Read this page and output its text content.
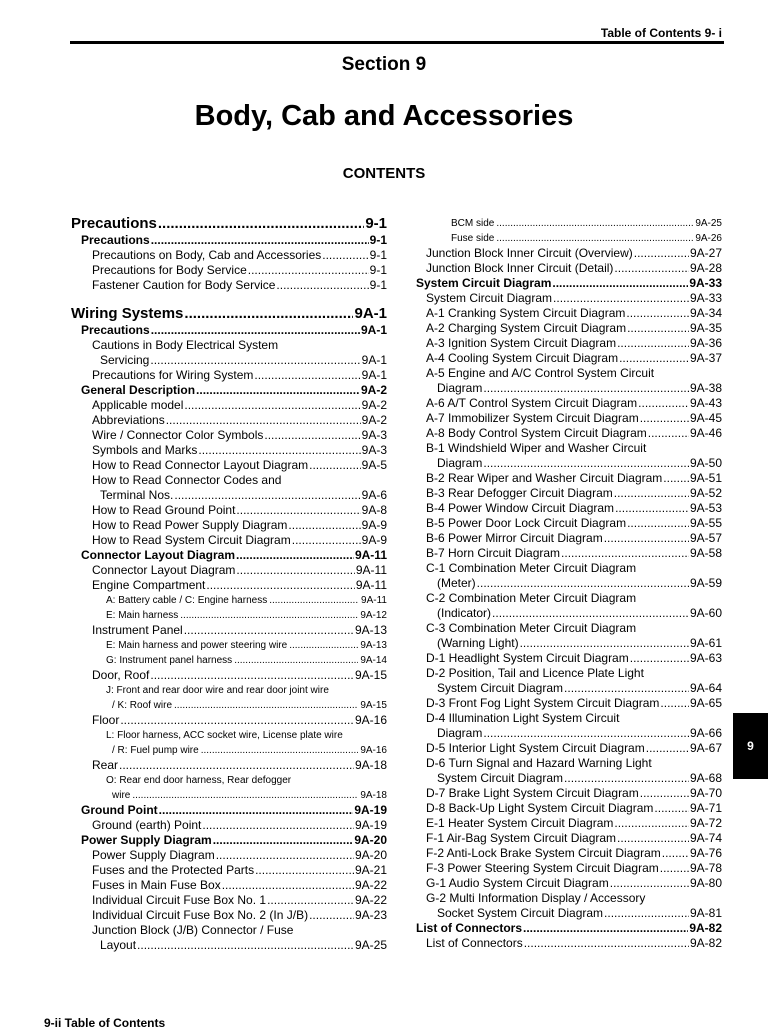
Table of Contents 9- i
Section 9
Body, Cab and Accessories
CONTENTS
Precautions .....	9-1
Precautions .....	9-1
Precautions on Body, Cab and Accessories .....	9-1
Precautions for Body Service .....	9-1
Fastener Caution for Body Service .....	9-1
Wiring Systems .....	9A-1
Precautions .....	9A-1
Cautions in Body Electrical System
Servicing .....	9A-1
Precautions for Wiring System .....	9A-1
General Description .....	9A-2
Applicable model .....	9A-2
Abbreviations .....	9A-2
Wire / Connector Color Symbols .....	9A-3
Symbols and Marks .....	9A-3
How to Read Connector Layout Diagram .....	9A-5
How to Read Connector Codes and
Terminal Nos. .....	9A-6
How to Read Ground Point .....	9A-8
How to Read Power Supply Diagram .....	9A-9
How to Read System Circuit Diagram .....	9A-9
Connector Layout Diagram .....	9A-11
Connector Layout Diagram .....	9A-11
Engine Compartment .....	9A-11
A: Battery cable / C: Engine harness .....	9A-11
E: Main harness .....	9A-12
Instrument Panel .....	9A-13
E: Main harness and power steering wire .....	9A-13
G: Instrument panel harness .....	9A-14
Door, Roof .....	9A-15
J: Front and rear door wire and rear door joint wire
/ K: Roof wire .....	9A-15
Floor .....	9A-16
L: Floor harness, ACC socket wire, License plate wire
/ R: Fuel pump wire .....	9A-16
Rear .....	9A-18
O: Rear end door harness, Rear defogger
wire .....	9A-18
Ground Point .....	9A-19
Ground (earth) Point .....	9A-19
Power Supply Diagram .....	9A-20
Power Supply Diagram .....	9A-20
Fuses and the Protected Parts .....	9A-21
Fuses in Main Fuse Box .....	9A-22
Individual Circuit Fuse Box No. 1 .....	9A-22
Individual Circuit Fuse Box No. 2 (In J/B) .....	9A-23
Junction Block (J/B) Connector / Fuse
Layout .....	9A-25
BCM side .....	9A-25
Fuse side .....	9A-26
Junction Block Inner Circuit (Overview) .....	9A-27
Junction Block Inner Circuit (Detail) .....	9A-28
System Circuit Diagram .....	9A-33
System Circuit Diagram .....	9A-33
A-1 Cranking System Circuit Diagram .....	9A-34
A-2 Charging System Circuit Diagram .....	9A-35
A-3 Ignition System Circuit Diagram .....	9A-36
A-4 Cooling System Circuit Diagram .....	9A-37
A-5 Engine and A/C Control System Circuit
Diagram .....	9A-38
A-6 A/T Control System Circuit Diagram .....	9A-43
A-7 Immobilizer System Circuit Diagram .....	9A-45
A-8 Body Control System Circuit Diagram .....	9A-46
B-1 Windshield Wiper and Washer Circuit
Diagram .....	9A-50
B-2 Rear Wiper and Washer Circuit Diagram ..... 9A-51
B-3 Rear Defogger Circuit Diagram .....	9A-52
B-4 Power Window Circuit Diagram .....	9A-53
B-5 Power Door Lock Circuit Diagram .....	9A-55
B-6 Power Mirror Circuit Diagram .....	9A-57
B-7 Horn Circuit Diagram .....	9A-58
C-1 Combination Meter Circuit Diagram
(Meter) .....	9A-59
C-2 Combination Meter Circuit Diagram
(Indicator) .....	9A-60
C-3 Combination Meter Circuit Diagram
(Warning Light) .....	9A-61
D-1 Headlight System Circuit Diagram .....	9A-63
D-2 Position, Tail and Licence Plate Light
System Circuit Diagram .....	9A-64
D-3 Front Fog Light System Circuit Diagram .....	9A-65
D-4 Illumination Light System Circuit
Diagram .....	9A-66
D-5 Interior Light System Circuit Diagram .....	9A-67
D-6 Turn Signal and Hazard Warning Light
System Circuit Diagram .....	9A-68
D-7 Brake Light System Circuit Diagram .....	9A-70
D-8 Back-Up Light System Circuit Diagram .....	9A-71
E-1 Heater System Circuit Diagram .....	9A-72
F-1 Air-Bag System Circuit Diagram .....	9A-74
F-2 Anti-Lock Brake System Circuit Diagram ..... 9A-76
F-3 Power Steering System Circuit Diagram .....	9A-78
G-1 Audio System Circuit Diagram .....	9A-80
G-2 Multi Information Display / Accessory
Socket System Circuit Diagram .....	9A-81
List of Connectors .....	9A-82
List of Connectors .....	9A-82
9
9-ii Table of Contents
